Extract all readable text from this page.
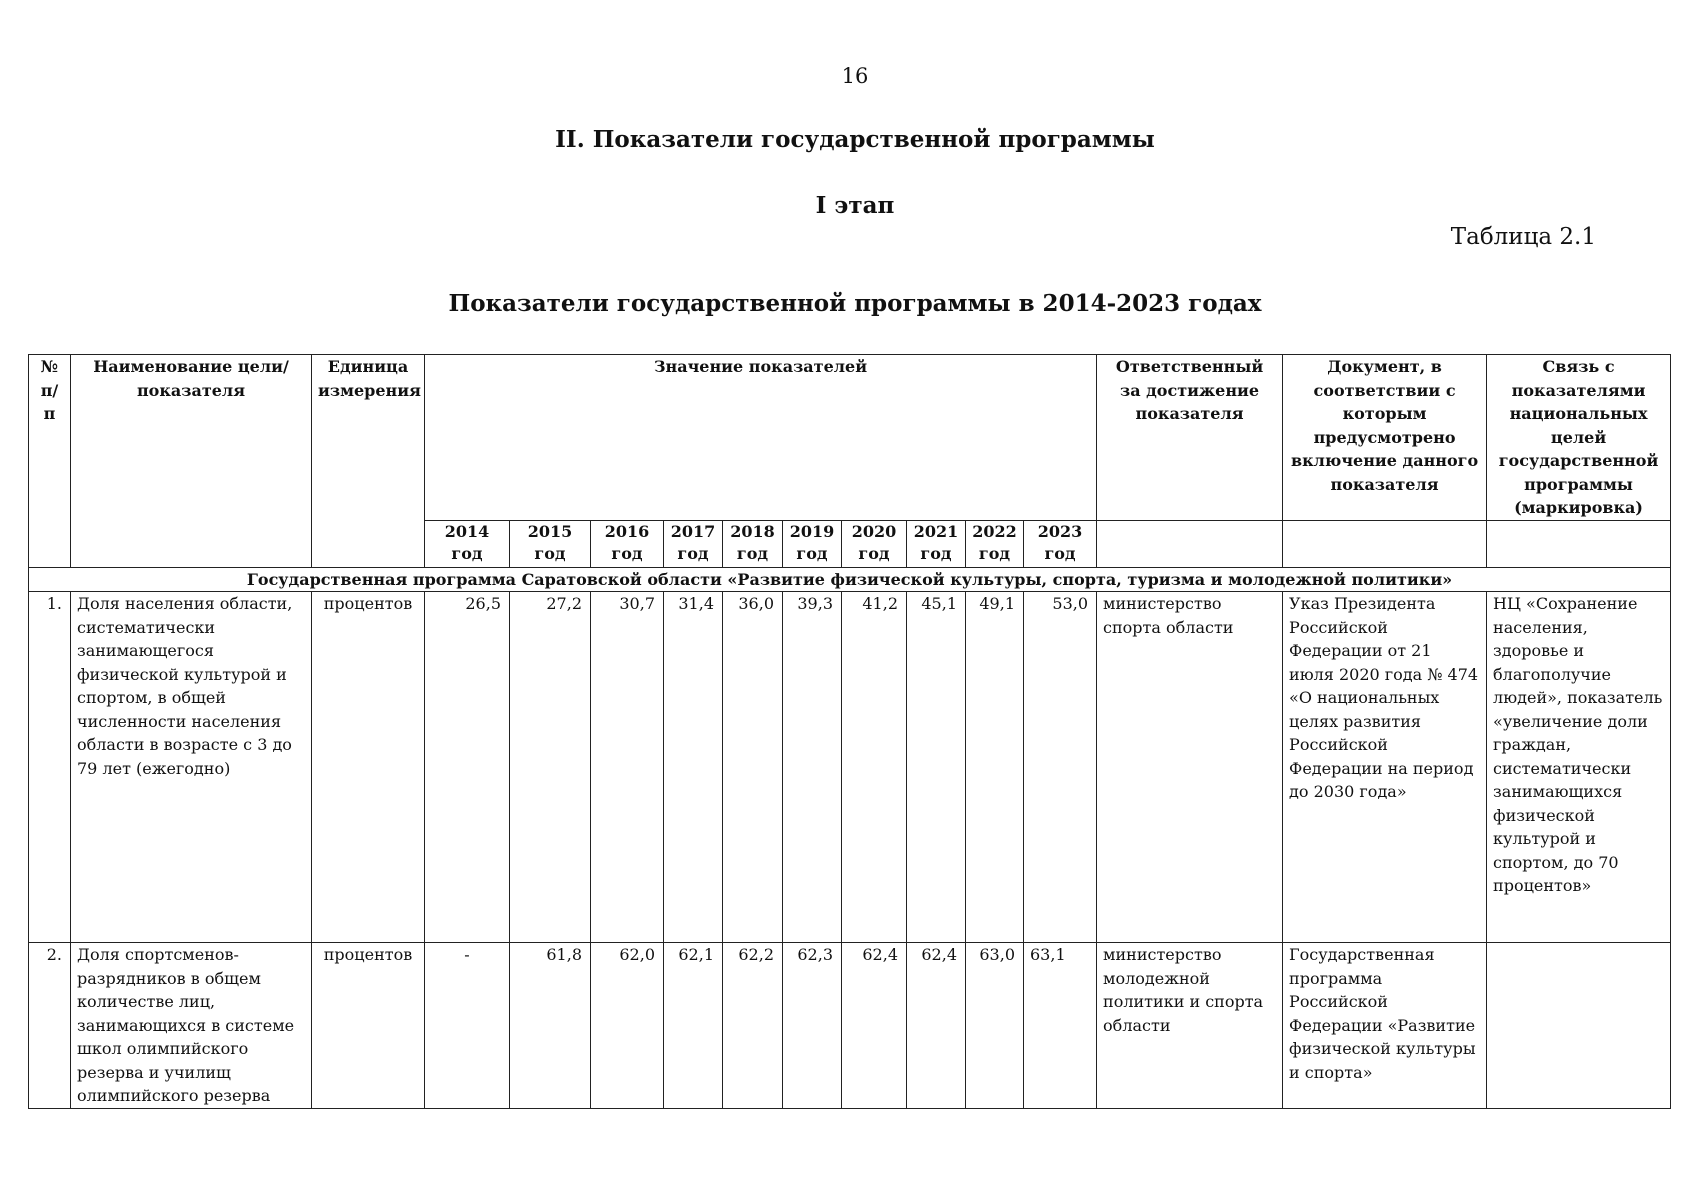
16
II. Показатели государственной программы
I этап
Таблица 2.1
Показатели государственной программы в 2014-2023 годах
№ п/п	Наименование цели/показателя	Единица измерения	Значение показателей										Ответственный за достижение показателя	Документ, в соответствии с которым предусмотрено включение данного показателя	Связь с показателями национальных целей государственной программы (маркировка)
			2014 год	2015 год	2016 год	2017 год	2018 год	2019 год	2020 год	2021 год	2022 год	2023 год			
Государственная программа Саратовской области «Развитие физической культуры, спорта, туризма и молодежной политики»															
1.	Доля населения области, систематически занимающегося физической культурой и спортом, в общей численности населения области в возрасте с 3 до 79 лет (ежегодно)	процентов	26,5	27,2	30,7	31,4	36,0	39,3	41,2	45,1	49,1	53,0	министерство спорта области	Указ Президента Российской Федерации от 21 июля 2020 года № 474 «О национальных целях развития Российской Федерации на период до 2030 года»	НЦ «Сохранение населения, здоровье и благополучие людей», показатель «увеличение доли граждан, систематически занимающихся физической культурой и спортом, до 70 процентов»
2.	Доля спортсменов-разрядников в общем количестве лиц, занимающихся в системе школ олимпийского резерва и училищ олимпийского резерва	процентов	-	61,8	62,0	62,1	62,2	62,3	62,4	62,4	63,0	63,1	министерство молодежной политики и спорта области	Государственная программа Российской Федерации «Развитие физической культуры и спорта»	
